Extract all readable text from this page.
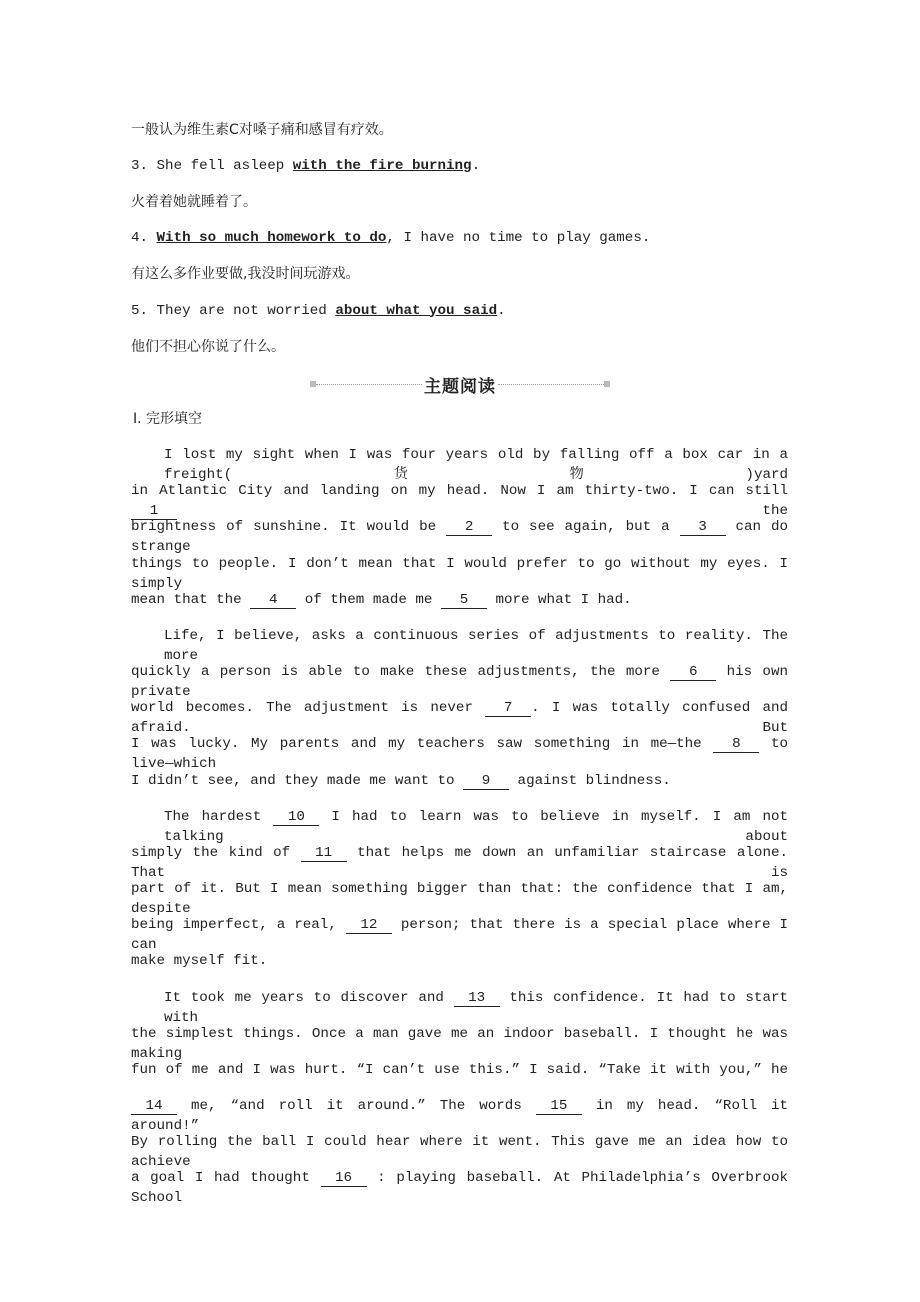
一般认为维生素C对嗓子痛和感冒有疗效。
3. She fell asleep with the fire burning.
火着着她就睡着了。
4. With so much homework to do, I have no time to play games.
有这么多作业要做,我没时间玩游戏。
5. They are not worried about what you said.
他们不担心你说了什么。
主题阅读
Ⅰ. 完形填空
I lost my sight when I was four years old by falling off a box car in a freight(货物)yard
in Atlantic City and landing on my head. Now I am thirty-two. I can still 1 the
brightness of sunshine. It would be 2 to see again, but a 3 can do strange
things to people. I don’t mean that I would prefer to go without my eyes. I simply
mean that the 4 of them made me 5 more what I had.
Life, I believe, asks a continuous series of adjustments to reality. The more
quickly a person is able to make these adjustments, the more 6 his own private
world becomes. The adjustment is never 7 . I was totally confused and afraid. But
I was lucky. My parents and my teachers saw something in me—the 8 to live—which
I didn’t see, and they made me want to 9 against blindness.
The hardest 10 I had to learn was to believe in myself. I am not talking about
simply the kind of 11 that helps me down an unfamiliar staircase alone. That is
part of it. But I mean something bigger than that: the confidence that I am, despite
being imperfect, a real, 12 person; that there is a special place where I can
make myself fit.
It took me years to discover and 13 this confidence. It had to start with
the simplest things. Once a man gave me an indoor baseball. I thought he was making
fun of me and I was hurt. “I can’t use this.” I said. “Take it with you,” he
14 me, “and roll it around.” The words 15 in my head. “Roll it around!”
By rolling the ball I could hear where it went. This gave me an idea how to achieve
a goal I had thought 16 : playing baseball. At Philadelphia’s Overbrook School
